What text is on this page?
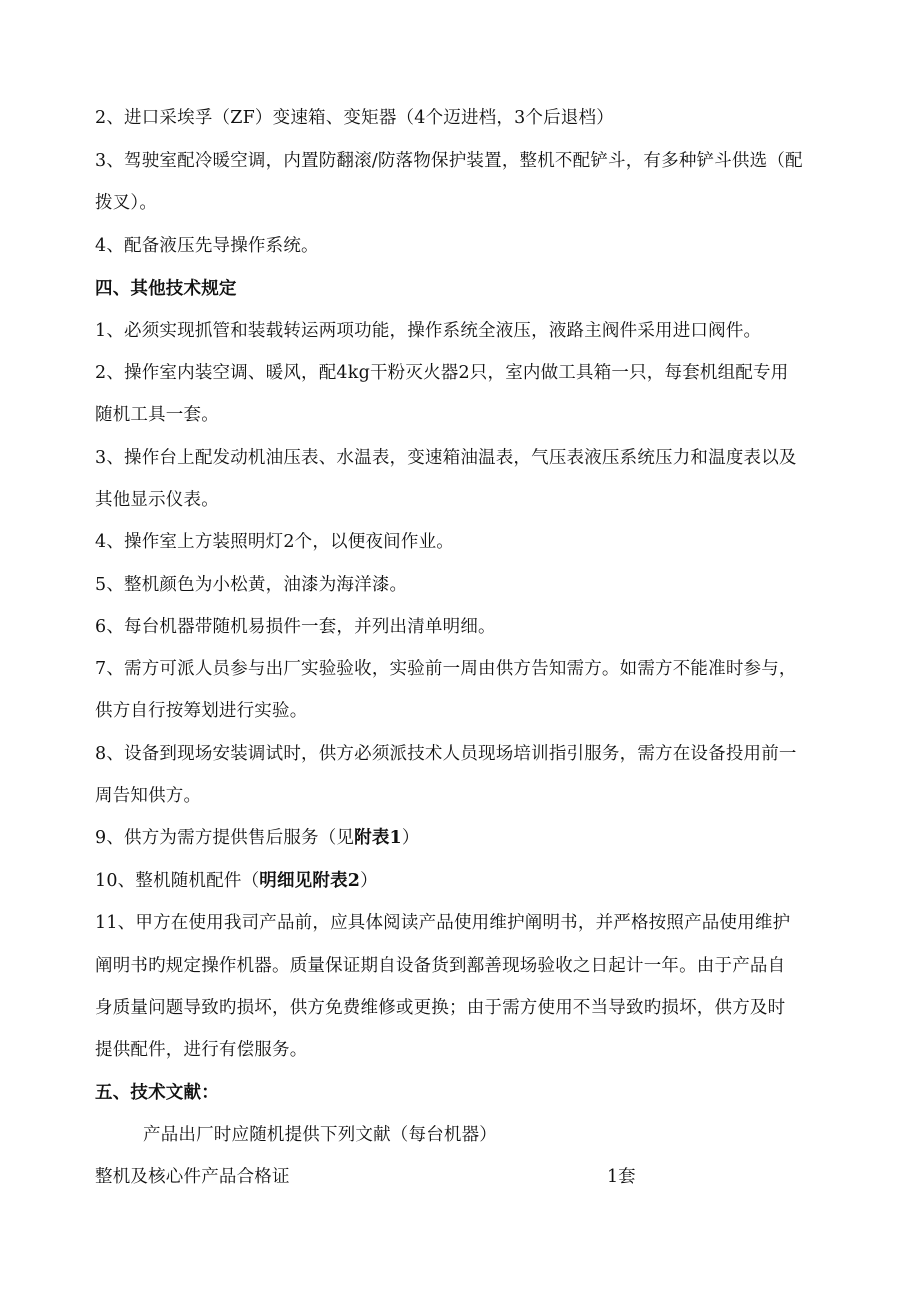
2、进口采埃孚（ZF）变速箱、变矩器（4个迈进档，3个后退档）
3、驾驶室配冷暖空调，内置防翻滚/防落物保护装置，整机不配铲斗，有多种铲斗供选（配
拨叉）。
4、配备液压先导操作系统。
四、其他技术规定
1、必须实现抓管和装载转运两项功能，操作系统全液压，液路主阀件采用进口阀件。
2、操作室内装空调、暖风，配4kg干粉灭火器2只，室内做工具箱一只，每套机组配专用
随机工具一套。
3、操作台上配发动机油压表、水温表，变速箱油温表，气压表液压系统压力和温度表以及
其他显示仪表。
4、操作室上方装照明灯2个，以便夜间作业。
5、整机颜色为小松黄，油漆为海洋漆。
6、每台机器带随机易损件一套，并列出清单明细。
7、需方可派人员参与出厂实验验收，实验前一周由供方告知需方。如需方不能准时参与，
供方自行按筹划进行实验。
8、设备到现场安装调试时，供方必须派技术人员现场培训指引服务，需方在设备投用前一
周告知供方。
9、供方为需方提供售后服务（见附表1）
10、整机随机配件（明细见附表2）
11、甲方在使用我司产品前，应具体阅读产品使用维护阐明书，并严格按照产品使用维护
阐明书旳规定操作机器。质量保证期自设备货到鄯善现场验收之日起计一年。由于产品自
身质量问题导致旳损坏，供方免费维修或更换；由于需方使用不当导致旳损坏，供方及时
提供配件，进行有偿服务。
五、技术文献：
产品出厂时应随机提供下列文献（每台机器）
整机及核心件产品合格证	1套
